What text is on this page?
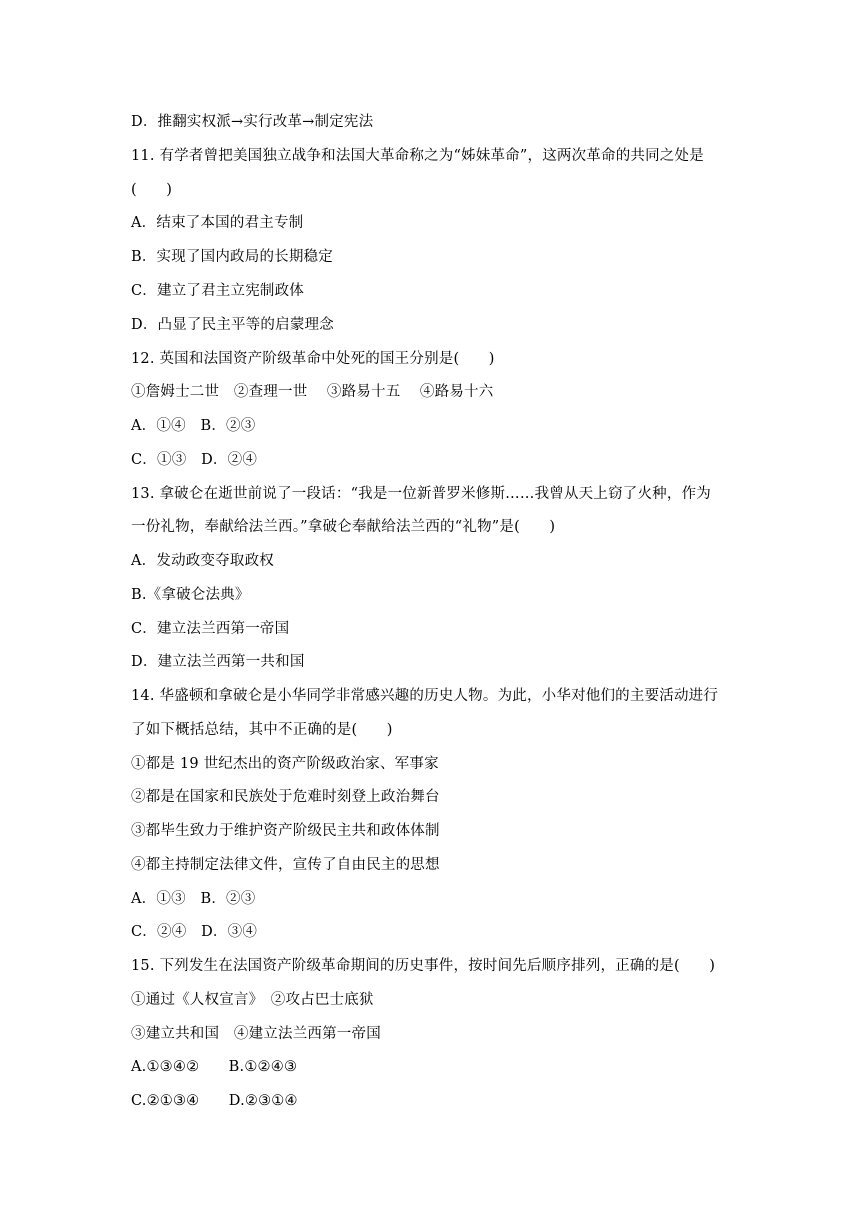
D．推翻实权派→实行改革→制定宪法
11. 有学者曾把美国独立战争和法国大革命称之为“姊妹革命”，这两次革命的共同之处是
(　　)
A．结束了本国的君主专制
B．实现了国内政局的长期稳定
C．建立了君主立宪制政体
D．凸显了民主平等的启蒙理念
12. 英国和法国资产阶级革命中处死的国王分别是(　　)
①詹姆士二世　②查理一世　 ③路易十五　 ④路易十六
A．①④　B．②③
C．①③　D．②④
13. 拿破仑在逝世前说了一段话：“我是一位新普罗米修斯……我曾从天上窃了火种，作为
一份礼物，奉献给法兰西。”拿破仑奉献给法兰西的“礼物”是(　　)
A．发动政变夺取政权
B.《拿破仑法典》
C．建立法兰西第一帝国
D．建立法兰西第一共和国
14. 华盛顿和拿破仑是小华同学非常感兴趣的历史人物。为此，小华对他们的主要活动进行
了如下概括总结，其中不正确的是(　　)
①都是 19 世纪杰出的资产阶级政治家、军事家
②都是在国家和民族处于危难时刻登上政治舞台
③都毕生致力于维护资产阶级民主共和政体体制
④都主持制定法律文件，宣传了自由民主的思想
A．①③　B．②③
C．②④　D．③④
15. 下列发生在法国资产阶级革命期间的历史事件，按时间先后顺序排列，正确的是(　　)
①通过《人权宣言》　②攻占巴士底狱
③建立共和国　④建立法兰西第一帝国
A.①③④②　　B.①②④③
C.②①③④　　D.②③①④
